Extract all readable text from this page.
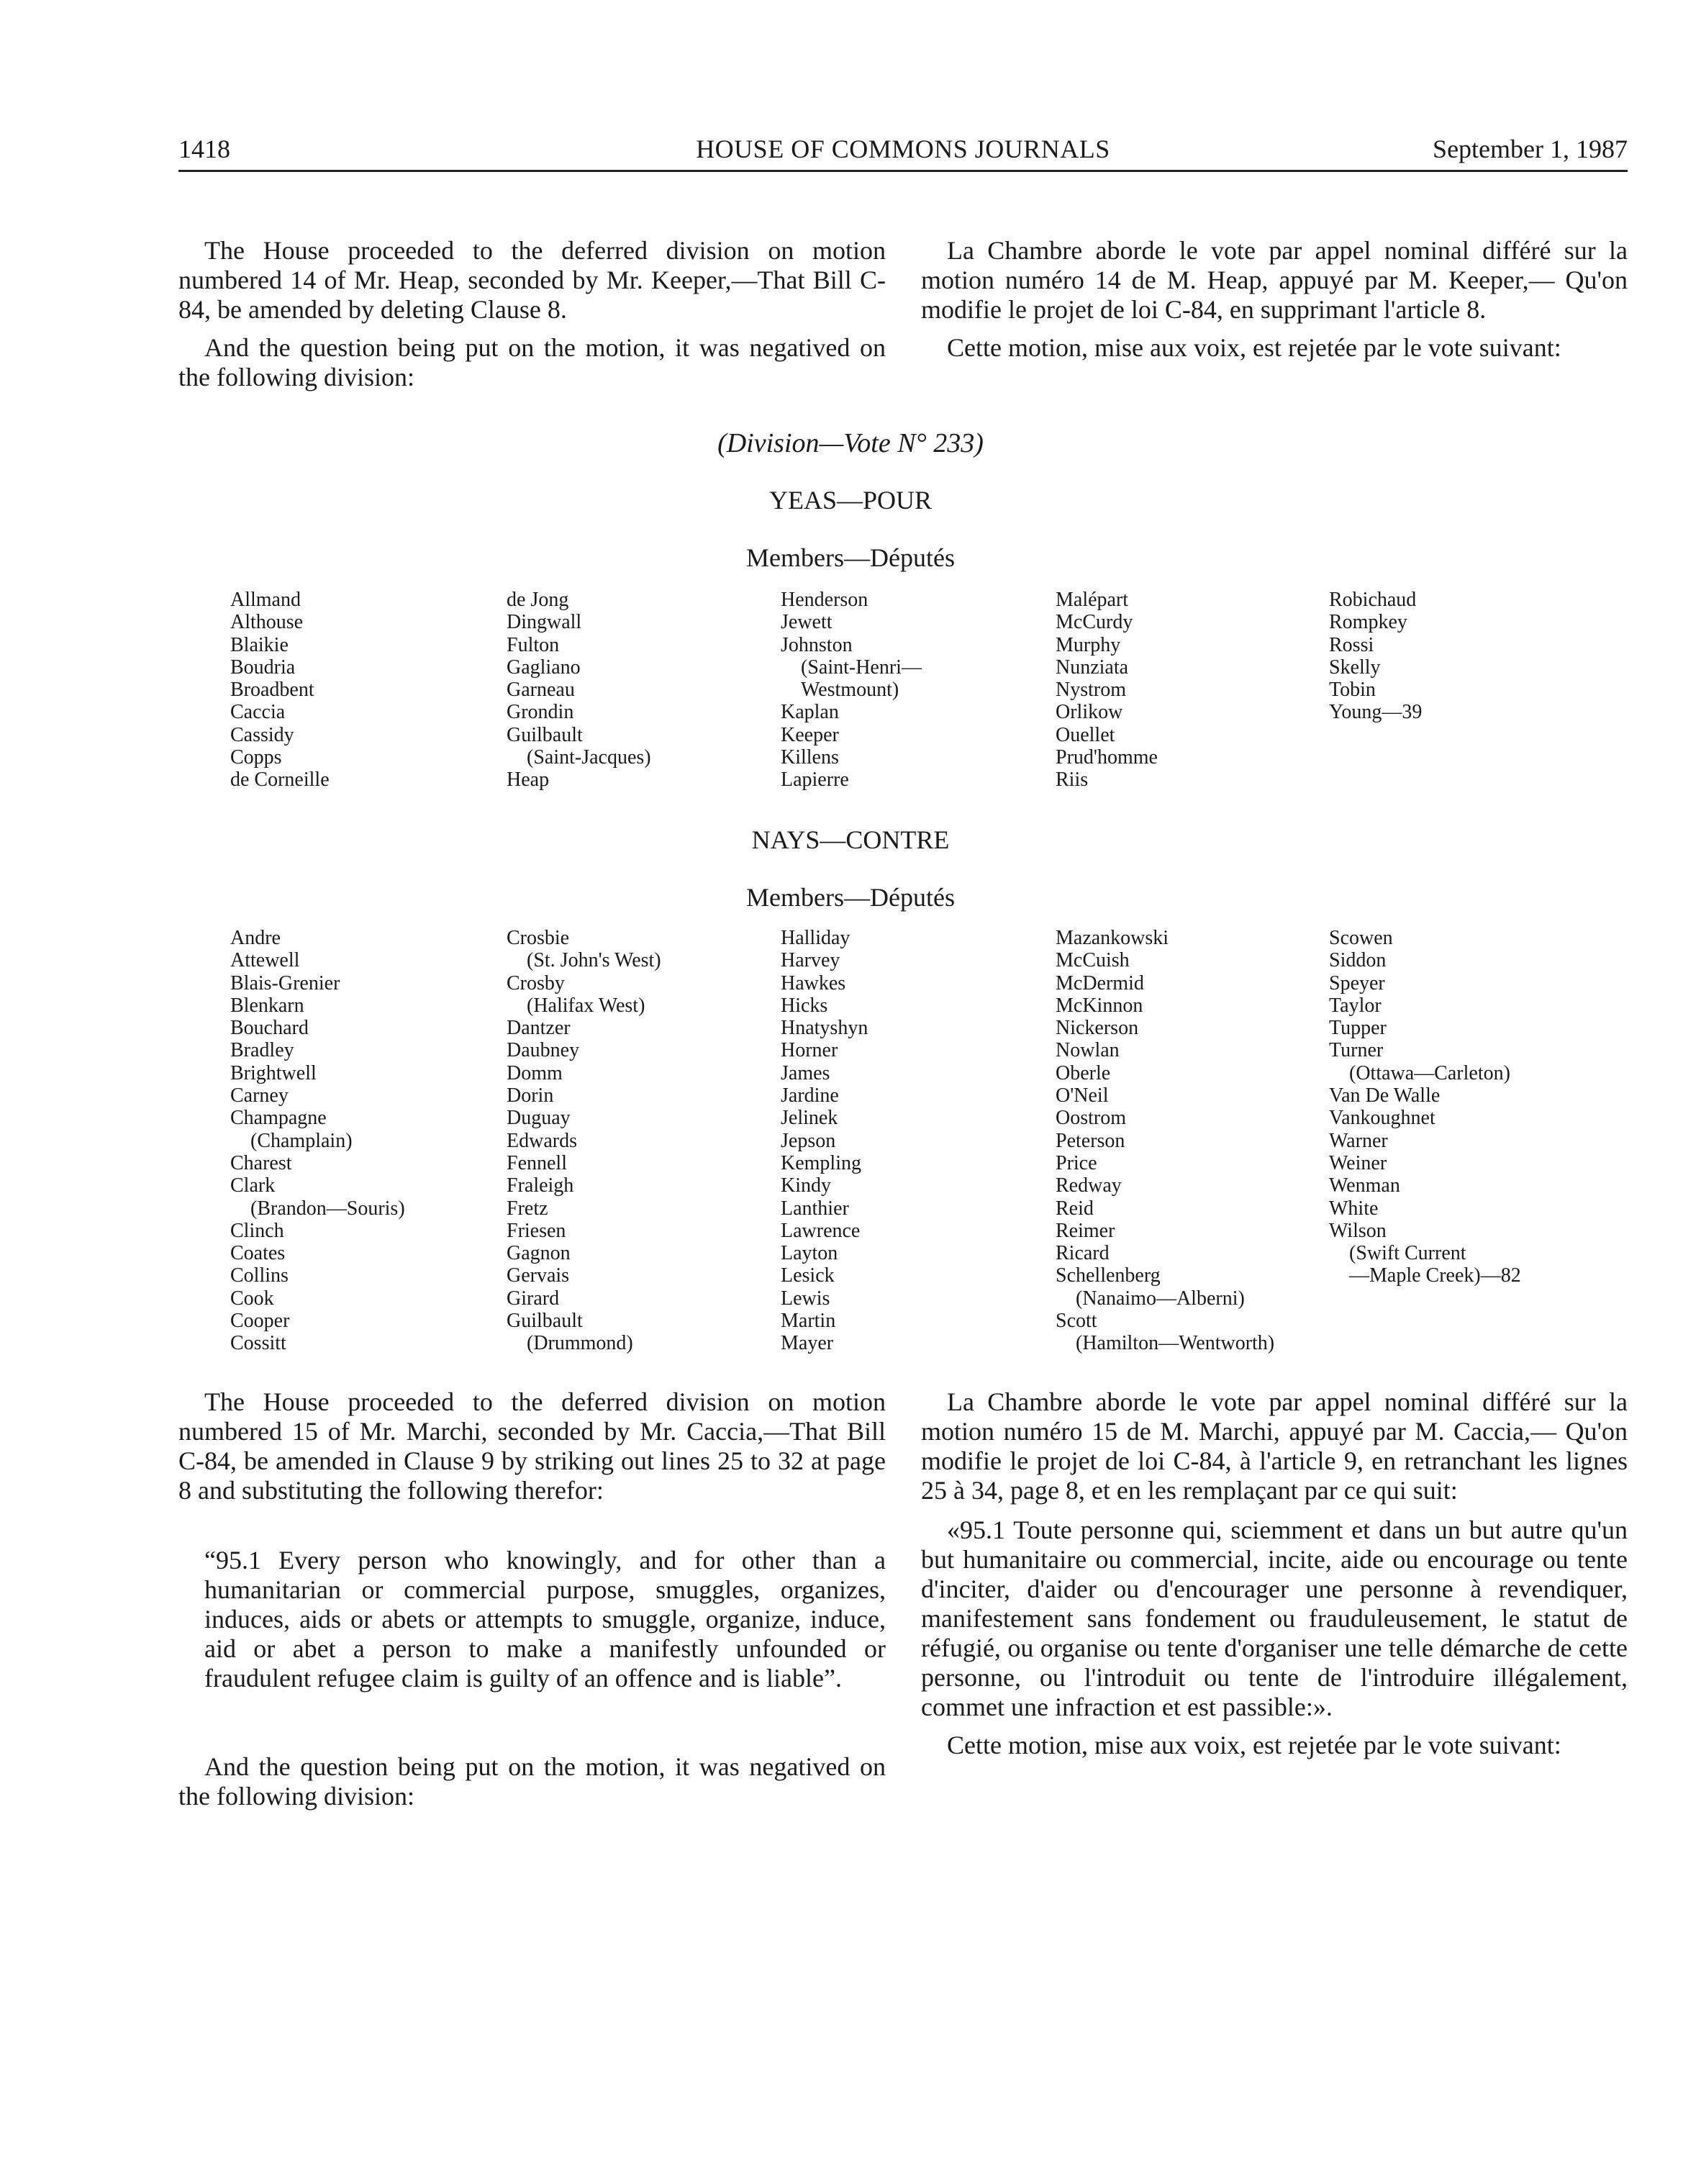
1418	HOUSE OF COMMONS JOURNALS	September 1, 1987

The House proceeded to the deferred division on motion numbered 14 of Mr. Heap, seconded by Mr. Keeper,—That Bill C-84, be amended by deleting Clause 8.

And the question being put on the motion, it was negatived on the following division:

La Chambre aborde le vote par appel nominal différé sur la motion numéro 14 de M. Heap, appuyé par M. Keeper,— Qu'on modifie le projet de loi C-84, en supprimant l'article 8.

Cette motion, mise aux voix, est rejetée par le vote suivant:

(Division—Vote N° 233)
YEAS—POUR
Members—Députés
Allmand
Althouse
Blaikie
Boudria
Broadbent
Caccia
Cassidy
Copps
de Corneille
de Jong
Dingwall
Fulton
Gagliano
Garneau
Grondin
Guilbault
(Saint-Jacques)
Heap
Henderson
Jewett
Johnston
(Saint-Henri—
Westmount)
Kaplan
Keeper
Killens
Lapierre
Malépart
McCurdy
Murphy
Nunziata
Nystrom
Orlikow
Ouellet
Prud'homme
Riis
Robichaud
Rompkey
Rossi
Skelly
Tobin
Young—39
NAYS—CONTRE
Members—Députés
Andre
Attewell
Blais-Grenier
Blenkarn
Bouchard
Bradley
Brightwell
Carney
Champagne
(Champlain)
Charest
Clark
(Brandon—Souris)
Clinch
Coates
Collins
Cook
Cooper
Cossitt
Crosbie
(St. John's West)
Crosby
(Halifax West)
Dantzer
Daubney
Domm
Dorin
Duguay
Edwards
Fennell
Fraleigh
Fretz
Friesen
Gagnon
Gervais
Girard
Guilbault
(Drummond)
Halliday
Harvey
Hawkes
Hicks
Hnatyshyn
Horner
James
Jardine
Jelinek
Jepson
Kempling
Kindy
Lanthier
Lawrence
Layton
Lesick
Lewis
Martin
Mayer
Mazankowski
McCuish
McDermid
McKinnon
Nickerson
Nowlan
Oberle
O'Neil
Oostrom
Peterson
Price
Redway
Reid
Reimer
Ricard
Schellenberg
(Nanaimo—Alberni)
Scott
(Hamilton—Wentworth)
Scowen
Siddon
Speyer
Taylor
Tupper
Turner
(Ottawa—Carleton)
Van De Walle
Vankoughnet
Warner
Weiner
Wenman
White
Wilson
(Swift Current
—Maple Creek)—82

The House proceeded to the deferred division on motion numbered 15 of Mr. Marchi, seconded by Mr. Caccia,—That Bill C-84, be amended in Clause 9 by striking out lines 25 to 32 at page 8 and substituting the following therefor:

“95.1 Every person who knowingly, and for other than a humanitarian or commercial purpose, smuggles, organizes, induces, aids or abets or attempts to smuggle, organize, induce, aid or abet a person to make a manifestly unfounded or fraudulent refugee claim is guilty of an offence and is liable”.

And the question being put on the motion, it was negatived on the following division:

La Chambre aborde le vote par appel nominal différé sur la motion numéro 15 de M. Marchi, appuyé par M. Caccia,— Qu'on modifie le projet de loi C-84, à l'article 9, en retranchant les lignes 25 à 34, page 8, et en les remplaçant par ce qui suit:

«95.1 Toute personne qui, sciemment et dans un but autre qu'un but humanitaire ou commercial, incite, aide ou encourage ou tente d'inciter, d'aider ou d'encourager une personne à revendiquer, manifestement sans fondement ou frauduleusement, le statut de réfugié, ou organise ou tente d'organiser une telle démarche de cette personne, ou l'introduit ou tente de l'introduire illégalement, commet une infraction et est passible:».

Cette motion, mise aux voix, est rejetée par le vote suivant:
